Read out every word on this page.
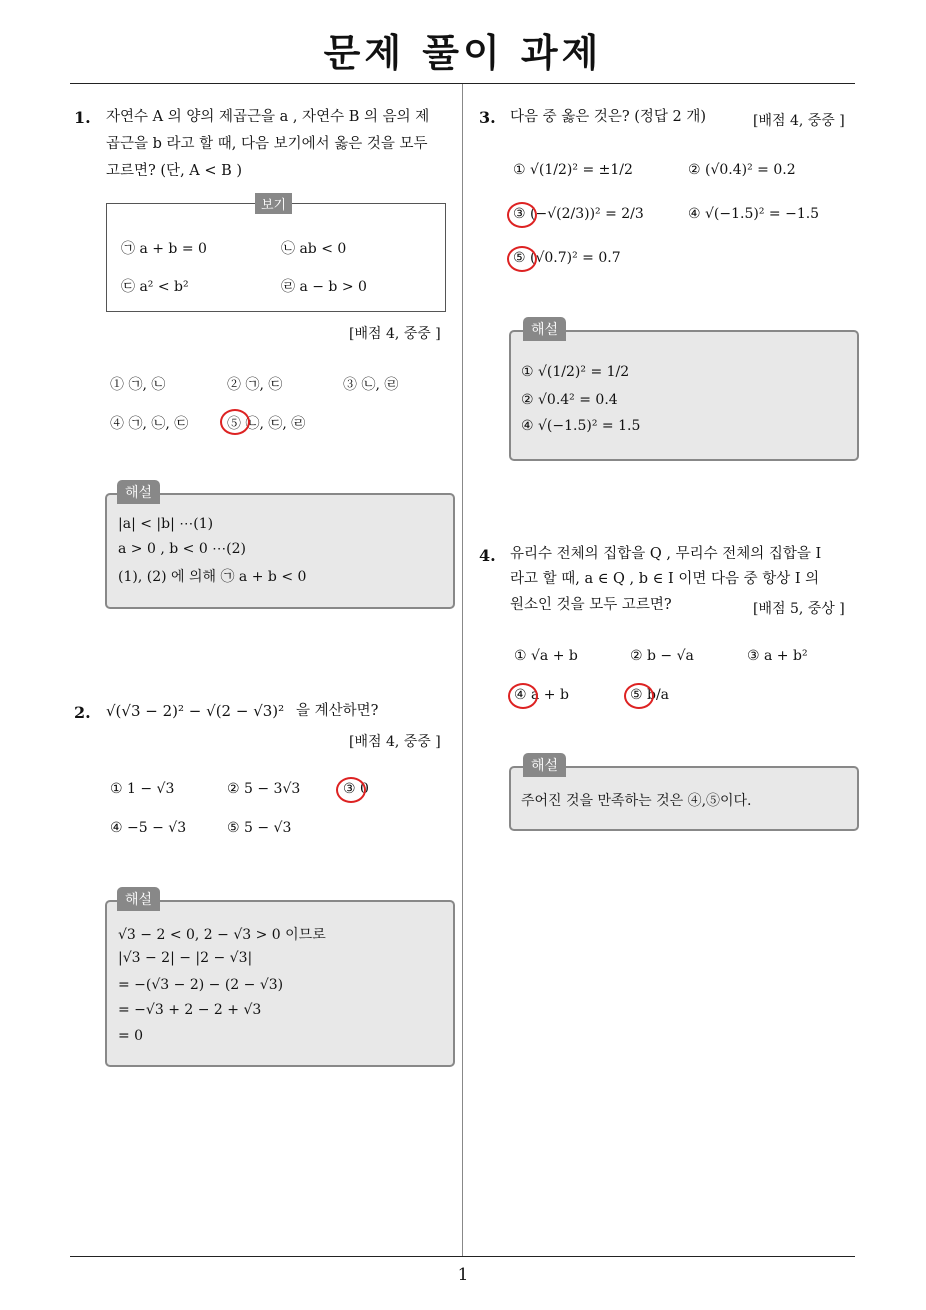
문제 풀이 과제
1
1. 자연수 A 의 양의 제곱근을 a , 자연수 B 의 음의 제
곱근을 b 라고 할 때, 다음 보기에서 옳은 것을 모두
고르면? (단, A < B )
보기
㉠ a + b = 0	㉡ ab < 0
㉢ a² < b²	㉣ a − b > 0
[배점 4, 중중 ]
① ㉠, ㉡	② ㉠, ㉢	③ ㉡, ㉣
④ ㉠, ㉡, ㉢	⑤ ㉡, ㉢, ㉣
해설
|a| < |b| ⋯(1)
a > 0 , b < 0 ⋯(2)
(1), (2) 에 의해 ㉠ a + b < 0
2. √(√3 − 2)² − √(2 − √3)² 을 계산하면?
[배점 4, 중중 ]
① 1 − √3	② 5 − 3√3	③ 0
④ −5 − √3	⑤ 5 − √3
해설
√3 − 2 < 0, 2 − √3 > 0 이므로
|√3 − 2| − |2 − √3|
= −(√3 − 2) − (2 − √3)
= −√3 + 2 − 2 + √3
= 0
3. 다음 중 옳은 것은? (정답 2 개)	[배점 4, 중중 ]
① √(1/2)² = ±1/2	② (√0.4)² = 0.2
③ (−√(2/3))² = 2/3	④ √(−1.5)² = −1.5
⑤ (√0.7)² = 0.7
해설
① √(1/2)² = 1/2
② √0.4² = 0.4
④ √(−1.5)² = 1.5
4. 유리수 전체의 집합을 Q , 무리수 전체의 집합을 I
라고 할 때, a ∈ Q , b ∈ I 이면 다음 중 항상 I 의
원소인 것을 모두 고르면?	[배점 5, 중상 ]
① √a + b	② b − √a	③ a + b²
④ a + b	⑤ b/a
해설
주어진 것을 만족하는 것은 ④,⑤이다.
